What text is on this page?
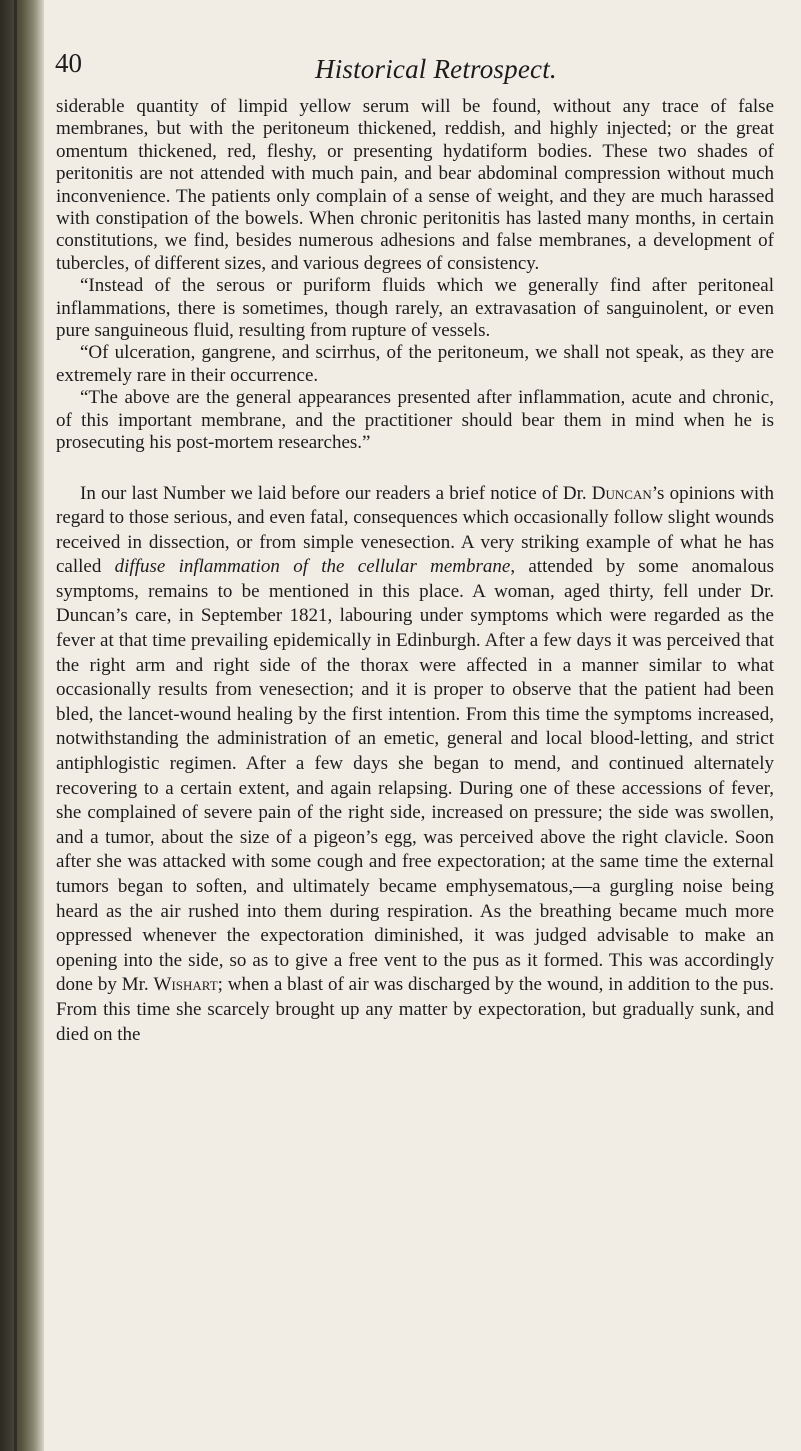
40	Historical Retrospect.

siderable quantity of limpid yellow serum will be found, without any trace of false membranes, but with the peritoneum thickened, reddish, and highly injected; or the great omentum thickened, red, fleshy, or presenting hydatiform bodies. These two shades of peritonitis are not attended with much pain, and bear abdominal compression without much inconvenience. The patients only complain of a sense of weight, and they are much harassed with constipation of the bowels. When chronic peritonitis has lasted many months, in certain constitutions, we find, besides numerous adhesions and false membranes, a development of tubercles, of different sizes, and various degrees of consistency.

“Instead of the serous or puriform fluids which we generally find after peritoneal inflammations, there is sometimes, though rarely, an extravasation of sanguinolent, or even pure sanguineous fluid, resulting from rupture of vessels.

“Of ulceration, gangrene, and scirrhus, of the peritoneum, we shall not speak, as they are extremely rare in their occurrence.

“The above are the general appearances presented after inflammation, acute and chronic, of this important membrane, and the practitioner should bear them in mind when he is prosecuting his post-mortem researches.”

In our last Number we laid before our readers a brief notice of Dr. Duncan’s opinions with regard to those serious, and even fatal, consequences which occasionally follow slight wounds received in dissection, or from simple venesection. A very striking example of what he has called diffuse inflammation of the cellular membrane, attended by some anomalous symptoms, remains to be mentioned in this place. A woman, aged thirty, fell under Dr. Duncan’s care, in September 1821, labouring under symptoms which were regarded as the fever at that time prevailing epidemically in Edinburgh. After a few days it was perceived that the right arm and right side of the thorax were affected in a manner similar to what occasionally results from venesection; and it is proper to observe that the patient had been bled, the lancet-wound healing by the first intention. From this time the symptoms increased, notwithstanding the administration of an emetic, general and local blood-letting, and strict antiphlogistic regimen. After a few days she began to mend, and continued alternately recovering to a certain extent, and again relapsing. During one of these accessions of fever, she complained of severe pain of the right side, increased on pressure; the side was swollen, and a tumor, about the size of a pigeon’s egg, was perceived above the right clavicle. Soon after she was attacked with some cough and free expectoration; at the same time the external tumors began to soften, and ultimately became emphysematous,—a gurgling noise being heard as the air rushed into them during respiration. As the breathing became much more oppressed whenever the expectoration diminished, it was judged advisable to make an opening into the side, so as to give a free vent to the pus as it formed. This was accordingly done by Mr. Wishart; when a blast of air was discharged by the wound, in addition to the pus. From this time she scarcely brought up any matter by expectoration, but gradually sunk, and died on the
